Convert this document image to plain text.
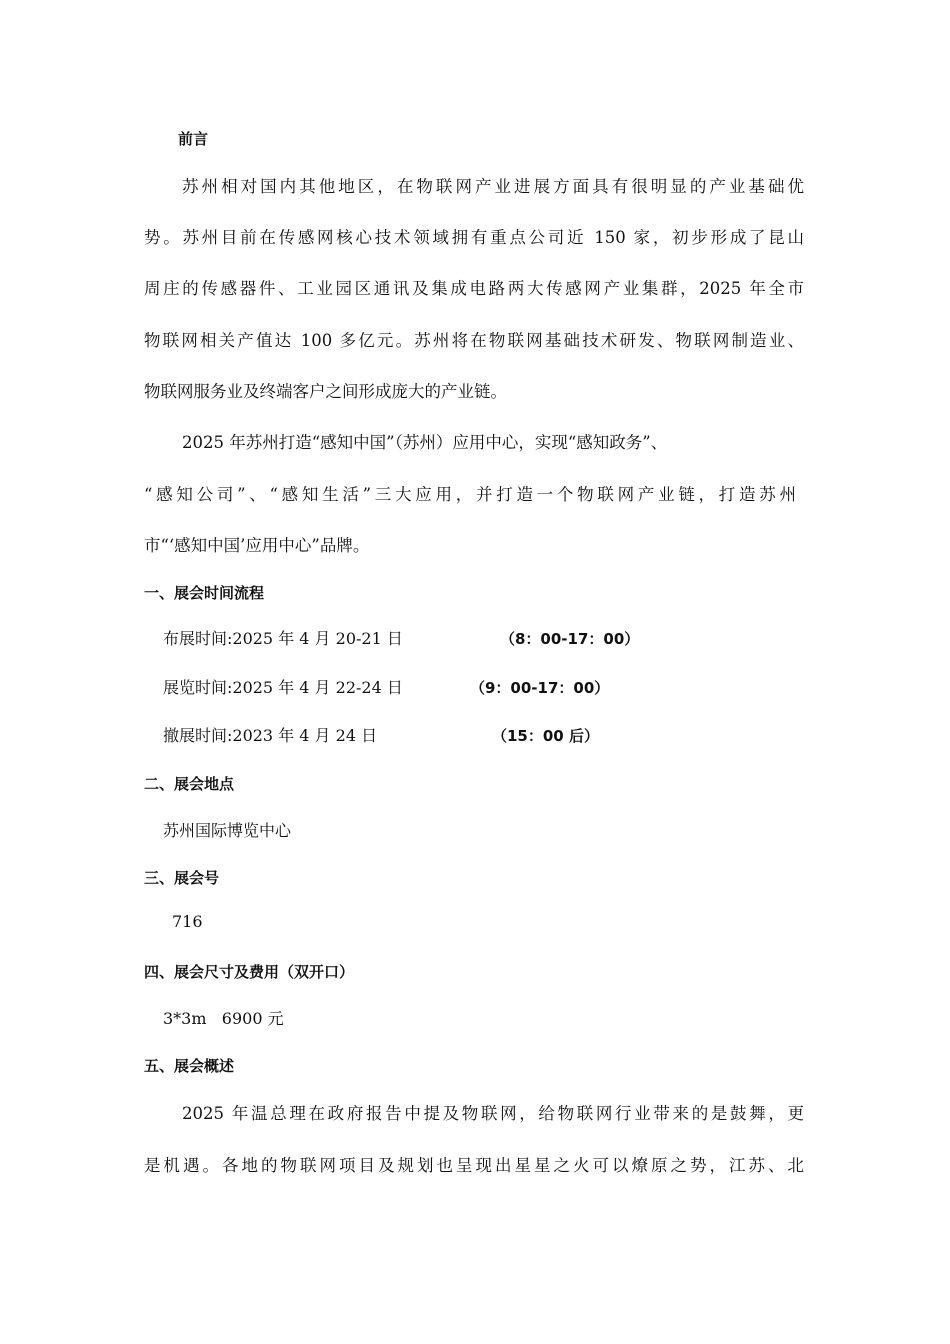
前言
苏州相对国内其他地区，在物联网产业进展方面具有很明显的产业基础优
势。苏州目前在传感网核心技术领域拥有重点公司近 150 家，初步形成了昆山
周庄的传感器件、工业园区通讯及集成电路两大传感网产业集群，2025 年全市
物联网相关产值达 100 多亿元。苏州将在物联网基础技术研发、物联网制造业、
物联网服务业及终端客户之间形成庞大的产业链。
2025 年苏州打造“感知中国”（苏州）应用中心，实现“感知政务”、
“感知公司”、“感知生活”三大应用，并打造一个物联网产业链，打造苏州
市“‘感知中国’应用中心”品牌。
一、展会时间流程
布展时间:2025 年 4 月 20-21 日	（8：00-17：00）
展览时间:2025 年 4 月 22-24 日	（9：00-17：00）
撤展时间:2023 年 4 月 24 日	（15：00 后）
二、展会地点
苏州国际博览中心
三、展会号
716
四、展会尺寸及费用（双开口）
3*3m   6900 元
五、展会概述
2025 年温总理在政府报告中提及物联网，给物联网行业带来的是鼓舞，更
是机遇。各地的物联网项目及规划也呈现出星星之火可以燎原之势，江苏、北
